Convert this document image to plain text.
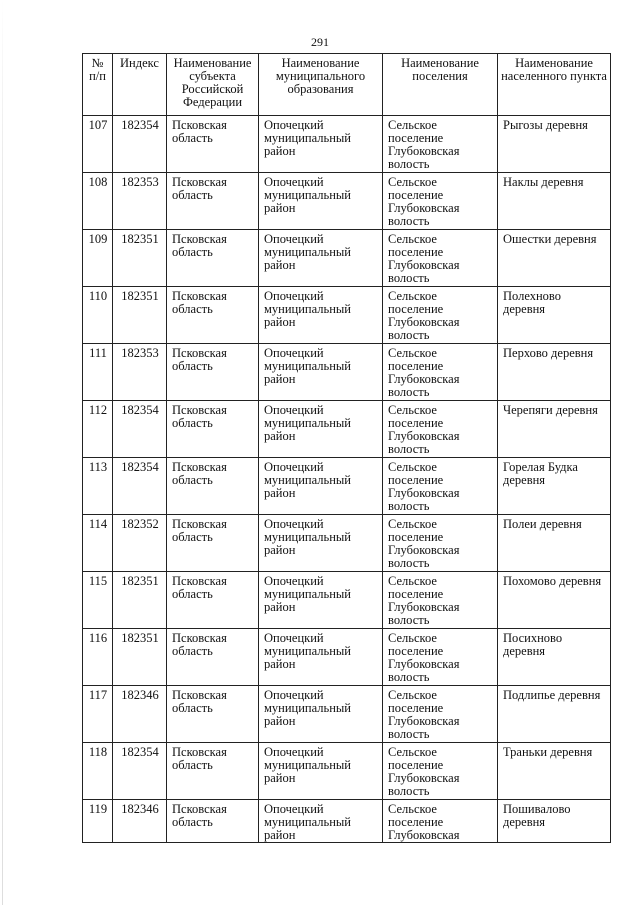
291
№ п/п	Индекс	Наименование субъекта Российской Федерации	Наименование муниципального образования	Наименование поселения	Наименование населенного пункта
107	182354	Псковская область	Опочецкий муниципальный район	Сельское поселение Глубоковская волость	Рыгозы деревня
108	182353	Псковская область	Опочецкий муниципальный район	Сельское поселение Глубоковская волость	Наклы деревня
109	182351	Псковская область	Опочецкий муниципальный район	Сельское поселение Глубоковская волость	Ошестки деревня
110	182351	Псковская область	Опочецкий муниципальный район	Сельское поселение Глубоковская волость	Полехново деревня
111	182353	Псковская область	Опочецкий муниципальный район	Сельское поселение Глубоковская волость	Перхово деревня
112	182354	Псковская область	Опочецкий муниципальный район	Сельское поселение Глубоковская волость	Черепяги деревня
113	182354	Псковская область	Опочецкий муниципальный район	Сельское поселение Глубоковская волость	Горелая Будка деревня
114	182352	Псковская область	Опочецкий муниципальный район	Сельское поселение Глубоковская волость	Полеи деревня
115	182351	Псковская область	Опочецкий муниципальный район	Сельское поселение Глубоковская волость	Похомово деревня
116	182351	Псковская область	Опочецкий муниципальный район	Сельское поселение Глубоковская волость	Посихново деревня
117	182346	Псковская область	Опочецкий муниципальный район	Сельское поселение Глубоковская волость	Подлипье деревня
118	182354	Псковская область	Опочецкий муниципальный район	Сельское поселение Глубоковская волость	Траньки деревня
119	182346	Псковская область	Опочецкий муниципальный район	Сельское поселение Глубоковская	Пошивалово деревня
